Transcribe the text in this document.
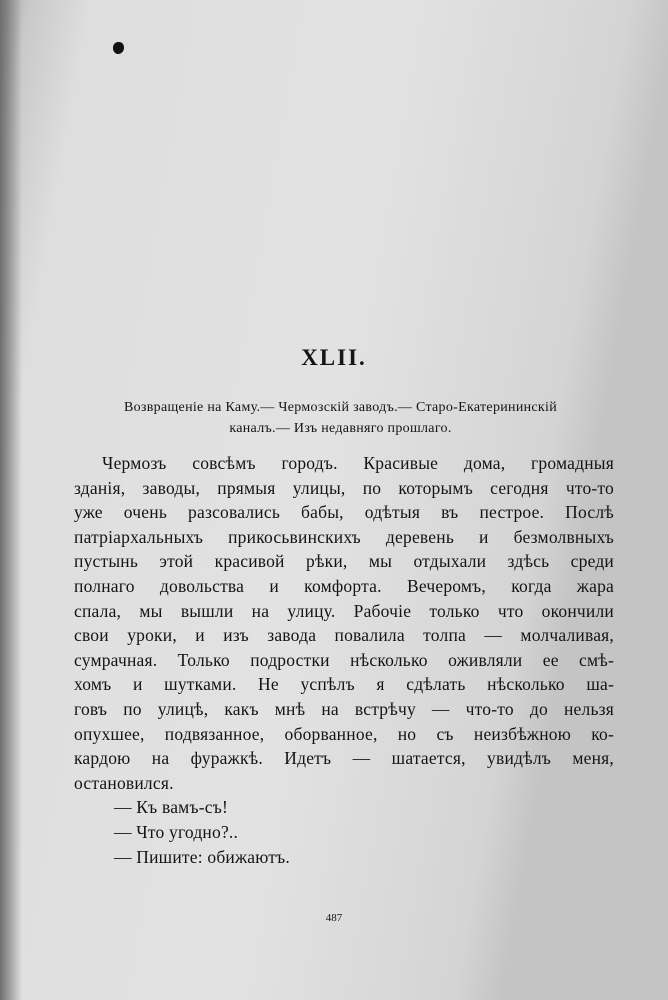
XLII.
Возвращеніе на Каму.— Чермозскій заводъ.— Старо-Екатерининскій
каналъ.— Изъ недавняго прошлаго.
Чермозъ совсѣмъ городъ. Красивые дома, громадныя
зданія, заводы, прямыя улицы, по которымъ сегодня что-то
уже очень разсовались бабы, одѣтыя въ пестрое. Послѣ
патріархальныхъ прикосьвинскихъ деревень и безмолвныхъ
пустынь этой красивой рѣки, мы отдыхали здѣсь среди
полнаго довольства и комфорта. Вечеромъ, когда жара
спала, мы вышли на улицу. Рабочіе только что окончили
свои уроки, и изъ завода повалила толпа — молчаливая,
сумрачная. Только подростки нѣсколько оживляли ее смѣ-
хомъ и шутками. Не успѣлъ я сдѣлать нѣсколько ша-
говъ по улицѣ, какъ мнѣ на встрѣчу — что-то до нельзя
опухшее, подвязанное, оборванное, но съ неизбѣжною ко-
кардою на фуражкѣ. Идетъ — шатается, увидѣлъ меня,
остановился.
— Къ вамъ-съ!
— Что угодно?..
— Пишите: обижаютъ.
487
